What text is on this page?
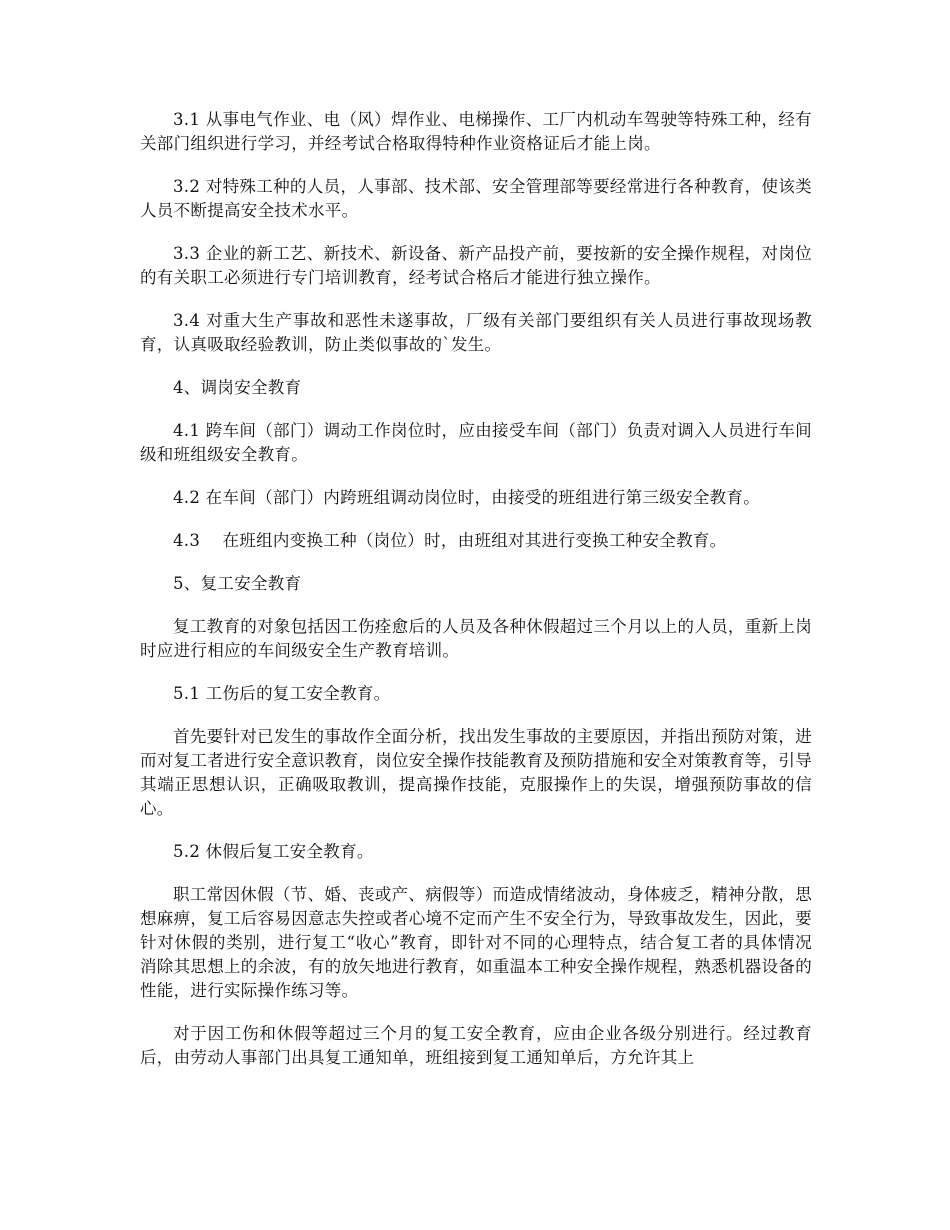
3.1 从事电气作业、电（风）焊作业、电梯操作、工厂内机动车驾驶等特殊工种，经有关部门组织进行学习，并经考试合格取得特种作业资格证后才能上岗。

3.2 对特殊工种的人员，人事部、技术部、安全管理部等要经常进行各种教育，使该类人员不断提高安全技术水平。

3.3 企业的新工艺、新技术、新设备、新产品投产前，要按新的安全操作规程，对岗位的有关职工必须进行专门培训教育，经考试合格后才能进行独立操作。

3.4 对重大生产事故和恶性未遂事故，厂级有关部门要组织有关人员进行事故现场教育，认真吸取经验教训，防止类似事故的`发生。

4、调岗安全教育

4.1 跨车间（部门）调动工作岗位时，应由接受车间（部门）负责对调入人员进行车间级和班组级安全教育。

4.2 在车间（部门）内跨班组调动岗位时，由接受的班组进行第三级安全教育。

4.3　 在班组内变换工种（岗位）时，由班组对其进行变换工种安全教育。

5、复工安全教育

复工教育的对象包括因工伤痊愈后的人员及各种休假超过三个月以上的人员，重新上岗时应进行相应的车间级安全生产教育培训。

5.1 工伤后的复工安全教育。

首先要针对已发生的事故作全面分析，找出发生事故的主要原因，并指出预防对策，进而对复工者进行安全意识教育，岗位安全操作技能教育及预防措施和安全对策教育等，引导其端正思想认识，正确吸取教训，提高操作技能，克服操作上的失误，增强预防事故的信心。

5.2 休假后复工安全教育。

职工常因休假（节、婚、丧或产、病假等）而造成情绪波动，身体疲乏，精神分散，思想麻痹，复工后容易因意志失控或者心境不定而产生不安全行为，导致事故发生，因此，要针对休假的类别，进行复工“收心”教育，即针对不同的心理特点，结合复工者的具体情况消除其思想上的余波，有的放矢地进行教育，如重温本工种安全操作规程，熟悉机器设备的性能，进行实际操作练习等。

对于因工伤和休假等超过三个月的复工安全教育，应由企业各级分别进行。经过教育后，由劳动人事部门出具复工通知单，班组接到复工通知单后，方允许其上
